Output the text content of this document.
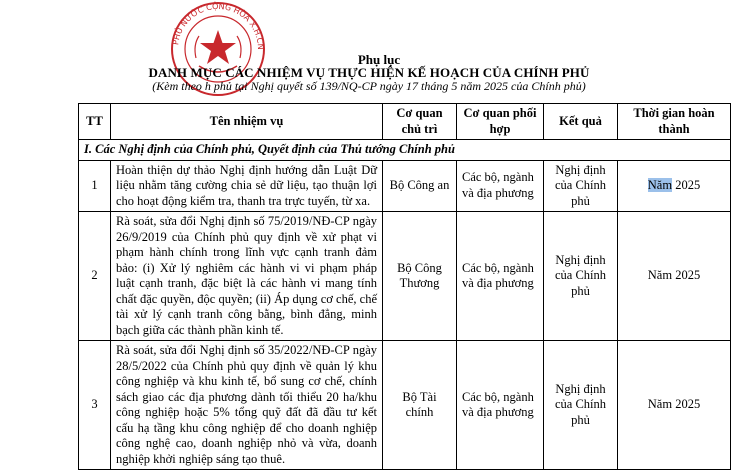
PHỦ NƯỚC CỘNG HÒA X.H.CN
Phụ lục
DANH MỤC CÁC NHIỆM VỤ THỰC HIỆN KẾ HOẠCH CỦA CHÍNH PHỦ
(Kèm theo h phủ tại Nghị quyết số 139/NQ-CP ngày 17 tháng 5 năm 2025 của Chính phủ)
TT	Tên nhiệm vụ	Cơ quan chủ trì	Cơ quan phối hợp	Kết quả	Thời gian hoàn thành
I. Các Nghị định của Chính phủ, Quyết định của Thủ tướng Chính phủ					
1	Hoàn thiện dự thảo Nghị định hướng dẫn Luật Dữ liệu nhằm tăng cường chia sẻ dữ liệu, tạo thuận lợi cho hoạt động kiểm tra, thanh tra trực tuyến, từ xa.	Bộ Công an	Các bộ, ngành và địa phương	Nghị định của Chính phủ	Năm 2025
2	Rà soát, sửa đổi Nghị định số 75/2019/NĐ-CP ngày 26/9/2019 của Chính phủ quy định về xử phạt vi phạm hành chính trong lĩnh vực cạnh tranh đảm bảo: (i) Xử lý nghiêm các hành vi vi phạm pháp luật cạnh tranh, đặc biệt là các hành vi mang tính chất đặc quyền, độc quyền; (ii) Áp dụng cơ chế, chế tài xử lý cạnh tranh công bằng, bình đẳng, minh bạch giữa các thành phần kinh tế.	Bộ Công Thương	Các bộ, ngành và địa phương	Nghị định của Chính phủ	Năm 2025
3	Rà soát, sửa đổi Nghị định số 35/2022/NĐ-CP ngày 28/5/2022 của Chính phủ quy định về quản lý khu công nghiệp và khu kinh tế, bổ sung cơ chế, chính sách giao các địa phương dành tối thiểu 20 ha/khu công nghiệp hoặc 5% tổng quỹ đất đã đầu tư kết cấu hạ tầng khu công nghiệp để cho doanh nghiệp công nghệ cao, doanh nghiệp nhỏ và vừa, doanh nghiệp khởi nghiệp sáng tạo thuê.	Bộ Tài chính	Các bộ, ngành và địa phương	Nghị định của Chính phủ	Năm 2025
